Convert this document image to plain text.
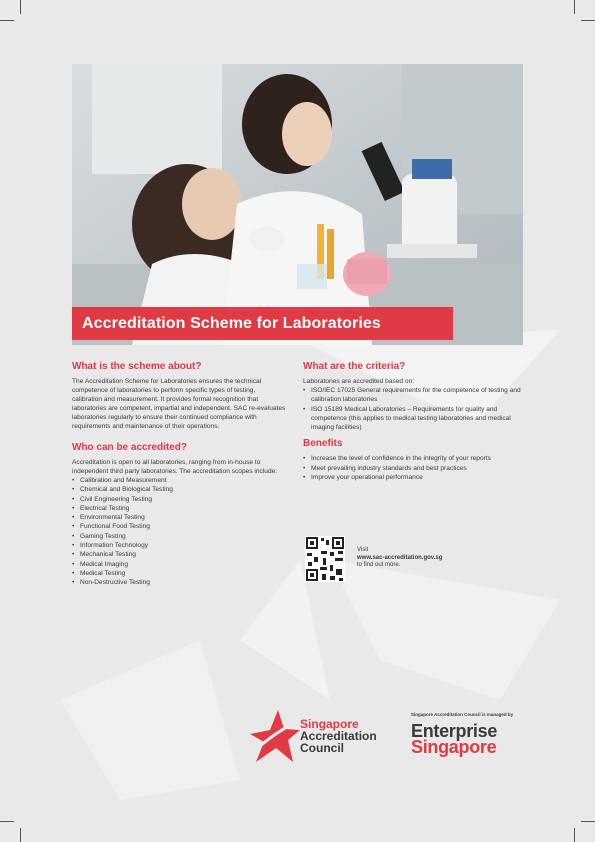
Accreditation Scheme for Laboratories
What is the scheme about?

The Accreditation Scheme for Laboratories ensures the technical competence of laboratories to perform specific types of testing, calibration and measurement. It provides formal recognition that laboratories are competent, impartial and independent. SAC re-evaluates laboratories regularly to ensure their continued compliance with requirements and maintenance of their operations.

Who can be accredited?

Accreditation is open to all laboratories, ranging from in-house to independent third party laboratories. The accreditation scopes include:

• Calibration and Measurement
• Chemical and Biological Testing
• Civil Engineering Testing
• Electrical Testing
• Environmental Testing
• Functional Food Testing
• Gaming Testing
• Information Technology
• Mechanical Testing
• Medical Imaging
• Medical Testing
• Non-Destructive Testing
What are the criteria?

Laboratories are accredited based on:

• ISO/IEC 17025 General requirements for the competence of testing and calibration laboratories
• ISO 15189 Medical Laboratories – Requirements for quality and competence (this applies to medical testing laboratories and medical imaging facilities)
Benefits
• Increase the level of confidence in the integrity of your reports
• Meet prevailing industry standards and best practices
• Improve your operational performance
Visit
www.sac-accreditation.gov.sg
to find out more.
Singapore
Accreditation
Council
Singapore Accreditation Council is managed by
Enterprise
Singapore
